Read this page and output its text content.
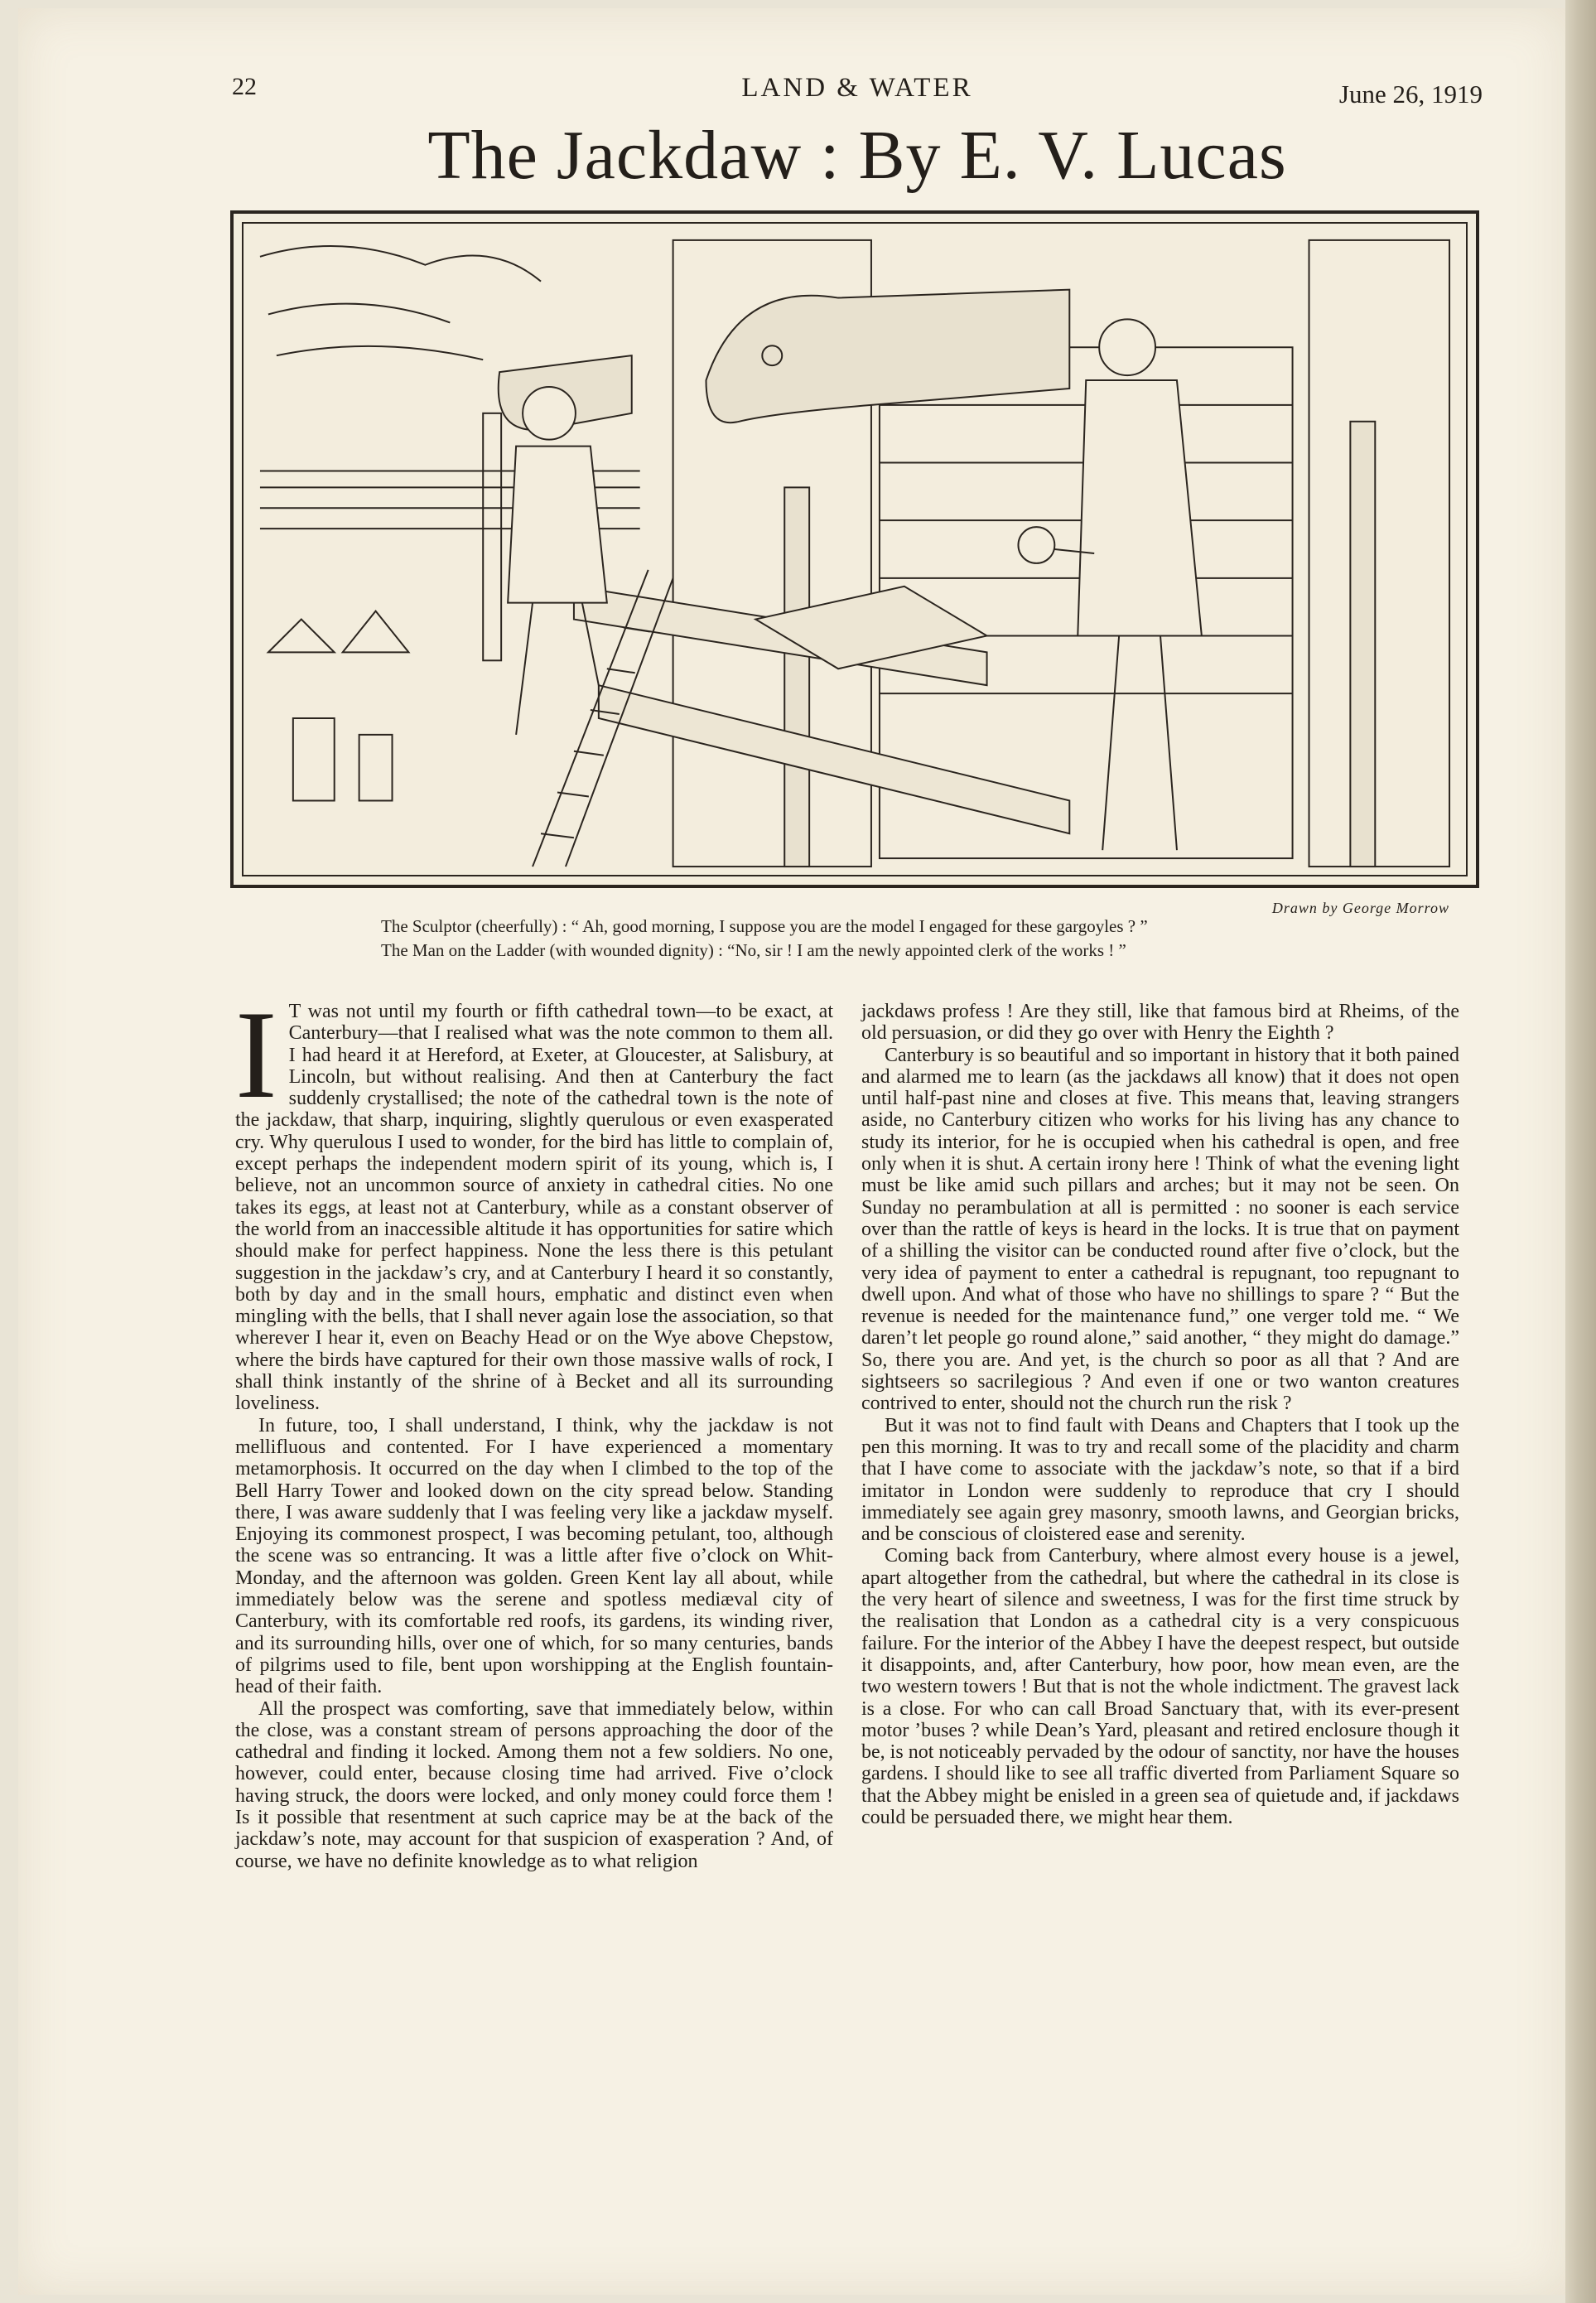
22	LAND & WATER	June 26, 1919
The Jackdaw : By E. V. Lucas
Drawn by George Morrow
The Sculptor (cheerfully) : “ Ah, good morning, I suppose you are the model I engaged for these gargoyles ? ”
The Man on the Ladder (with wounded dignity) : “No, sir ! I am the newly appointed clerk of the works ! ”

I T was not until my fourth or fifth cathedral town—to be exact, at Canterbury—that I realised what was the note common to them all. I had heard it at Hereford, at Exeter, at Gloucester, at Salisbury, at Lincoln, but without realising. And then at Canterbury the fact suddenly crystallised; the note of the cathedral town is the note of the jackdaw, that sharp, inquiring, slightly querulous or even exasperated cry. Why querulous I used to wonder, for the bird has little to complain of, except perhaps the independent modern spirit of its young, which is, I believe, not an uncommon source of anxiety in cathedral cities. No one takes its eggs, at least not at Canterbury, while as a constant observer of the world from an inaccessible altitude it has opportunities for satire which should make for perfect happiness. None the less there is this petulant suggestion in the jackdaw’s cry, and at Canterbury I heard it so constantly, both by day and in the small hours, emphatic and distinct even when mingling with the bells, that I shall never again lose the association, so that wherever I hear it, even on Beachy Head or on the Wye above Chepstow, where the birds have captured for their own those massive walls of rock, I shall think instantly of the shrine of à Becket and all its surrounding loveliness.

In future, too, I shall understand, I think, why the jackdaw is not mellifluous and contented. For I have experienced a momentary metamorphosis. It occurred on the day when I climbed to the top of the Bell Harry Tower and looked down on the city spread below. Standing there, I was aware suddenly that I was feeling very like a jackdaw myself. Enjoying its commonest prospect, I was becoming petulant, too, although the scene was so entrancing. It was a little after five o’clock on Whit-Monday, and the afternoon was golden. Green Kent lay all about, while immediately below was the serene and spotless mediæval city of Canterbury, with its comfortable red roofs, its gardens, its winding river, and its surrounding hills, over one of which, for so many centuries, bands of pilgrims used to file, bent upon worshipping at the English fountain-head of their faith.

All the prospect was comforting, save that immediately below, within the close, was a constant stream of persons approaching the door of the cathedral and finding it locked. Among them not a few soldiers. No one, however, could enter, because closing time had arrived. Five o’clock having struck, the doors were locked, and only money could force them ! Is it possible that resentment at such caprice may be at the back of the jackdaw’s note, may account for that suspicion of exasperation ? And, of course, we have no definite knowledge as to what religion

jackdaws profess ! Are they still, like that famous bird at Rheims, of the old persuasion, or did they go over with Henry the Eighth ?

Canterbury is so beautiful and so important in history that it both pained and alarmed me to learn (as the jackdaws all know) that it does not open until half-past nine and closes at five. This means that, leaving strangers aside, no Canterbury citizen who works for his living has any chance to study its interior, for he is occupied when his cathedral is open, and free only when it is shut. A certain irony here ! Think of what the evening light must be like amid such pillars and arches; but it may not be seen. On Sunday no perambulation at all is permitted : no sooner is each service over than the rattle of keys is heard in the locks. It is true that on payment of a shilling the visitor can be conducted round after five o’clock, but the very idea of payment to enter a cathedral is repugnant, too repugnant to dwell upon. And what of those who have no shillings to spare ? “ But the revenue is needed for the maintenance fund,” one verger told me. “ We daren’t let people go round alone,” said another, “ they might do damage.” So, there you are. And yet, is the church so poor as all that ? And are sightseers so sacrilegious ? And even if one or two wanton creatures contrived to enter, should not the church run the risk ?

But it was not to find fault with Deans and Chapters that I took up the pen this morning. It was to try and recall some of the placidity and charm that I have come to associate with the jackdaw’s note, so that if a bird imitator in London were suddenly to reproduce that cry I should immediately see again grey masonry, smooth lawns, and Georgian bricks, and be conscious of cloistered ease and serenity.

Coming back from Canterbury, where almost every house is a jewel, apart altogether from the cathedral, but where the cathedral in its close is the very heart of silence and sweetness, I was for the first time struck by the realisation that London as a cathedral city is a very conspicuous failure. For the interior of the Abbey I have the deepest respect, but outside it disappoints, and, after Canterbury, how poor, how mean even, are the two western towers ! But that is not the whole indictment. The gravest lack is a close. For who can call Broad Sanctuary that, with its ever-present motor ’buses ? while Dean’s Yard, pleasant and retired enclosure though it be, is not noticeably pervaded by the odour of sanctity, nor have the houses gardens. I should like to see all traffic diverted from Parliament Square so that the Abbey might be enisled in a green sea of quietude and, if jackdaws could be persuaded there, we might hear them.
